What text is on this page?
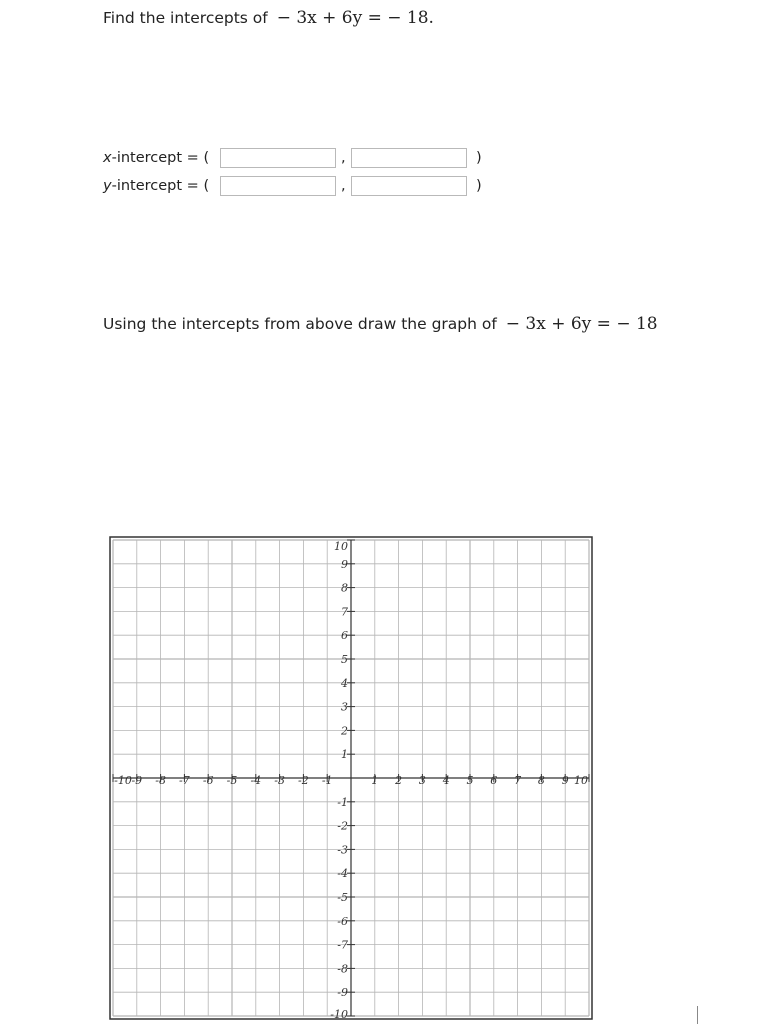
Find the intercepts of − 3x + 6y = − 18.
x-intercept = (	,	)
y-intercept = (	,	)
Using the intercepts from above draw the graph of − 3x + 6y = − 18
-10 -9 -8 -7 -6 -5 -4 -3 -2 -1	1 2 3 4 5 6 7 8 9 10
10
9
8
7
6
5
4
3
2
1
-1
-2
-3
-4
-5
-6
-7
-8
-9
-10
